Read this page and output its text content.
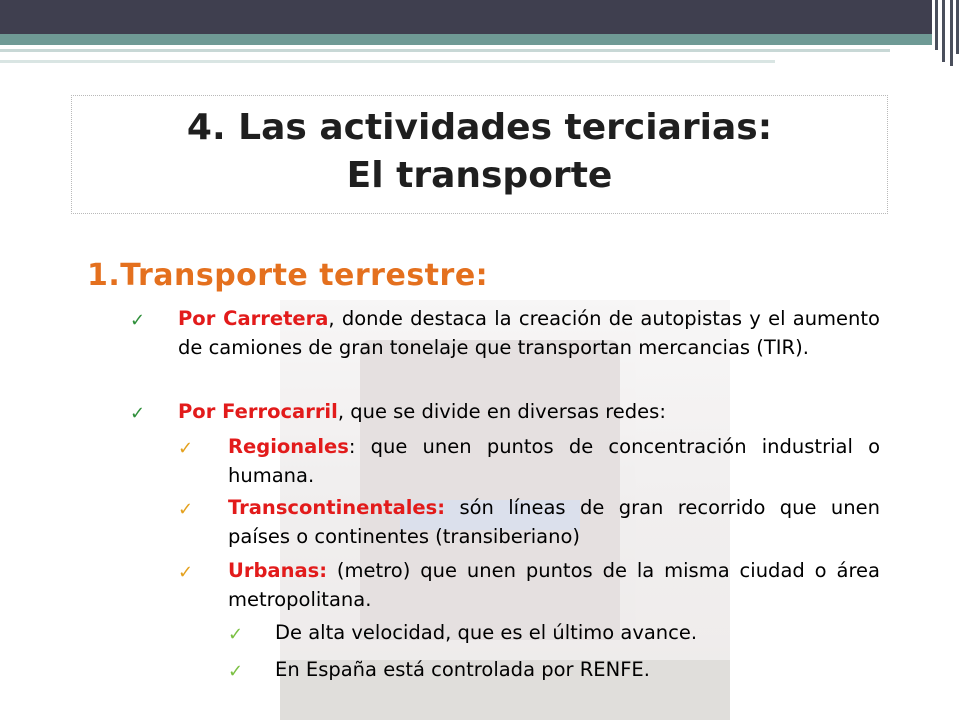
4. Las actividades terciarias:
El transporte
1.Transporte terrestre:
✓ Por Carretera, donde destaca la creación de autopistas y el aumento de camiones de gran tonelaje que transportan mercancias (TIR).
✓ Por Ferrocarril, que se divide en diversas redes:
✓ Regionales: que unen puntos de concentración industrial o humana.
✓ Transcontinentales: són líneas de gran recorrido que unen países o continentes (transiberiano)
✓ Urbanas: (metro) que unen puntos de la misma ciudad o área metropolitana.
✓ De alta velocidad, que es el último avance.
✓ En España está controlada por RENFE.
